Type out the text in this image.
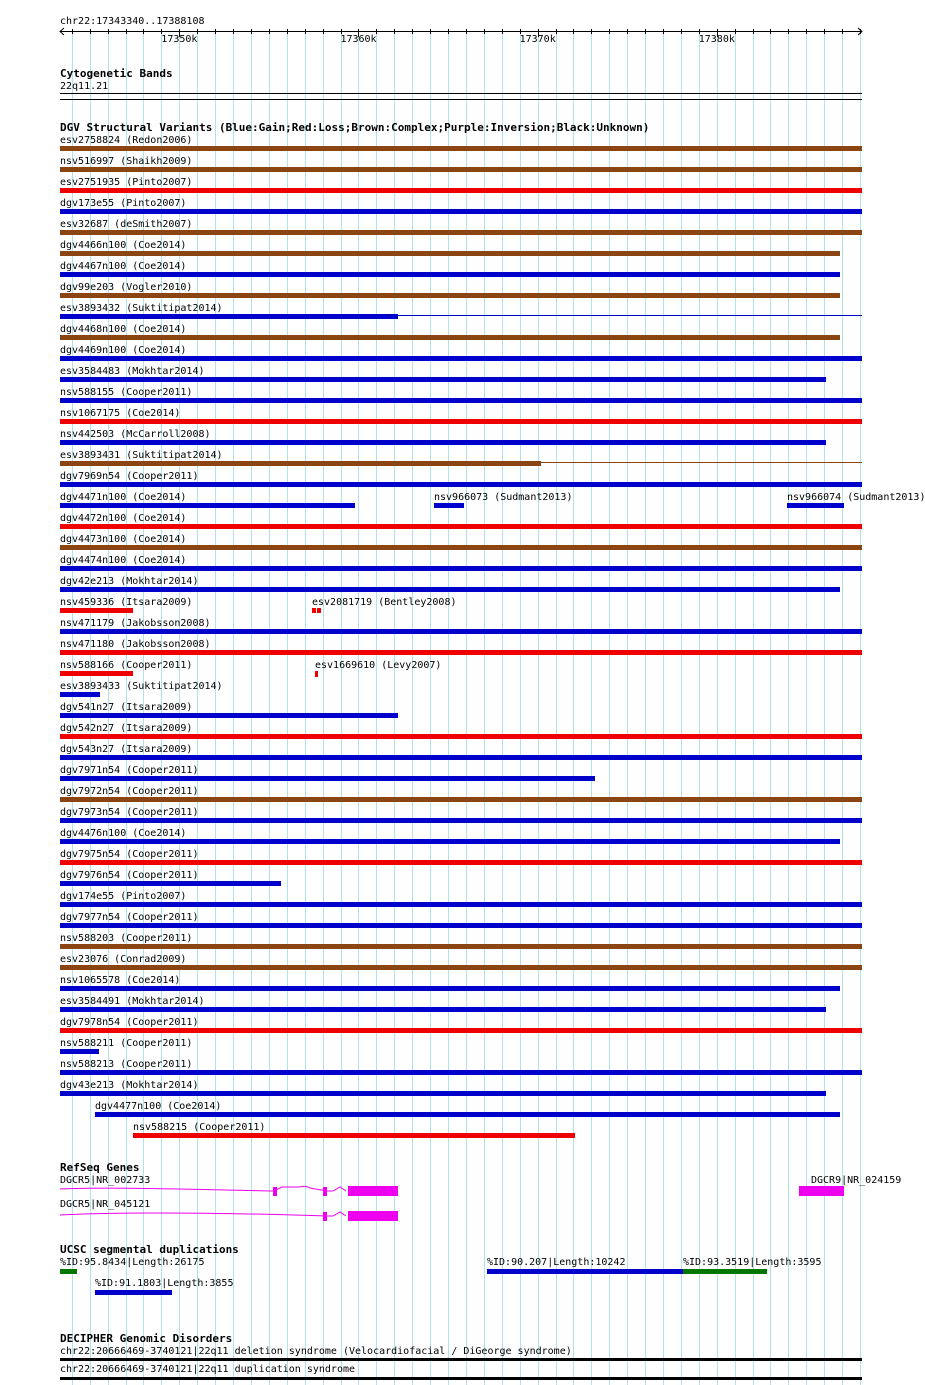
chr22:17343340..17388108
Cytogenetic Bands
22q11.21
DGV Structural Variants (Blue:Gain;Red:Loss;Brown:Complex;Purple:Inversion;Black:Unknown)
esv2758824 (Redon2006)
nsv516997 (Shaikh2009)
esv2751935 (Pinto2007)
dgv173e55 (Pinto2007)
esv32687 (deSmith2007)
dgv4466n100 (Coe2014)
dgv4467n100 (Coe2014)
dgv99e203 (Vogler2010)
esv3893432 (Suktitipat2014)
dgv4468n100 (Coe2014)
dgv4469n100 (Coe2014)
esv3584483 (Mokhtar2014)
nsv588155 (Cooper2011)
nsv1067175 (Coe2014)
nsv442503 (McCarroll2008)
esv3893431 (Suktitipat2014)
dgv7969n54 (Cooper2011)
dgv4471n100 (Coe2014)	nsv966073 (Sudmant2013)	nsv966074 (Sudmant2013)
dgv4472n100 (Coe2014)
dgv4473n100 (Coe2014)
dgv4474n100 (Coe2014)
dgv42e213 (Mokhtar2014)
nsv459336 (Itsara2009)	esv2081719 (Bentley2008)
nsv471179 (Jakobsson2008)
nsv471180 (Jakobsson2008)
nsv588166 (Cooper2011)	esv1669610 (Levy2007)
esv3893433 (Suktitipat2014)
dgv541n27 (Itsara2009)
dgv542n27 (Itsara2009)
dgv543n27 (Itsara2009)
dgv7971n54 (Cooper2011)
dgv7972n54 (Cooper2011)
dgv7973n54 (Cooper2011)
dgv4476n100 (Coe2014)
dgv7975n54 (Cooper2011)
dgv7976n54 (Cooper2011)
dgv174e55 (Pinto2007)
dgv7977n54 (Cooper2011)
nsv588203 (Cooper2011)
esv23076 (Conrad2009)
nsv1065578 (Coe2014)
esv3584491 (Mokhtar2014)
dgv7978n54 (Cooper2011)
nsv588211 (Cooper2011)
nsv588213 (Cooper2011)
dgv43e213 (Mokhtar2014)
dgv4477n100 (Coe2014)
nsv588215 (Cooper2011)
RefSeq Genes
DGCR5|NR_002733
DGCR5|NR_045121
DGCR9|NR_024159
UCSC segmental duplications
%ID:95.8434|Length:26175
%ID:91.1803|Length:3855
%ID:90.207|Length:10242	%ID:93.3519|Length:3595
DECIPHER Genomic Disorders
chr22:20666469-3740121|22q11 deletion syndrome (Velocardiofacial / DiGeorge syndrome)
chr22:20666469-3740121|22q11 duplication syndrome
17350k	17360k	17370k	17380k
